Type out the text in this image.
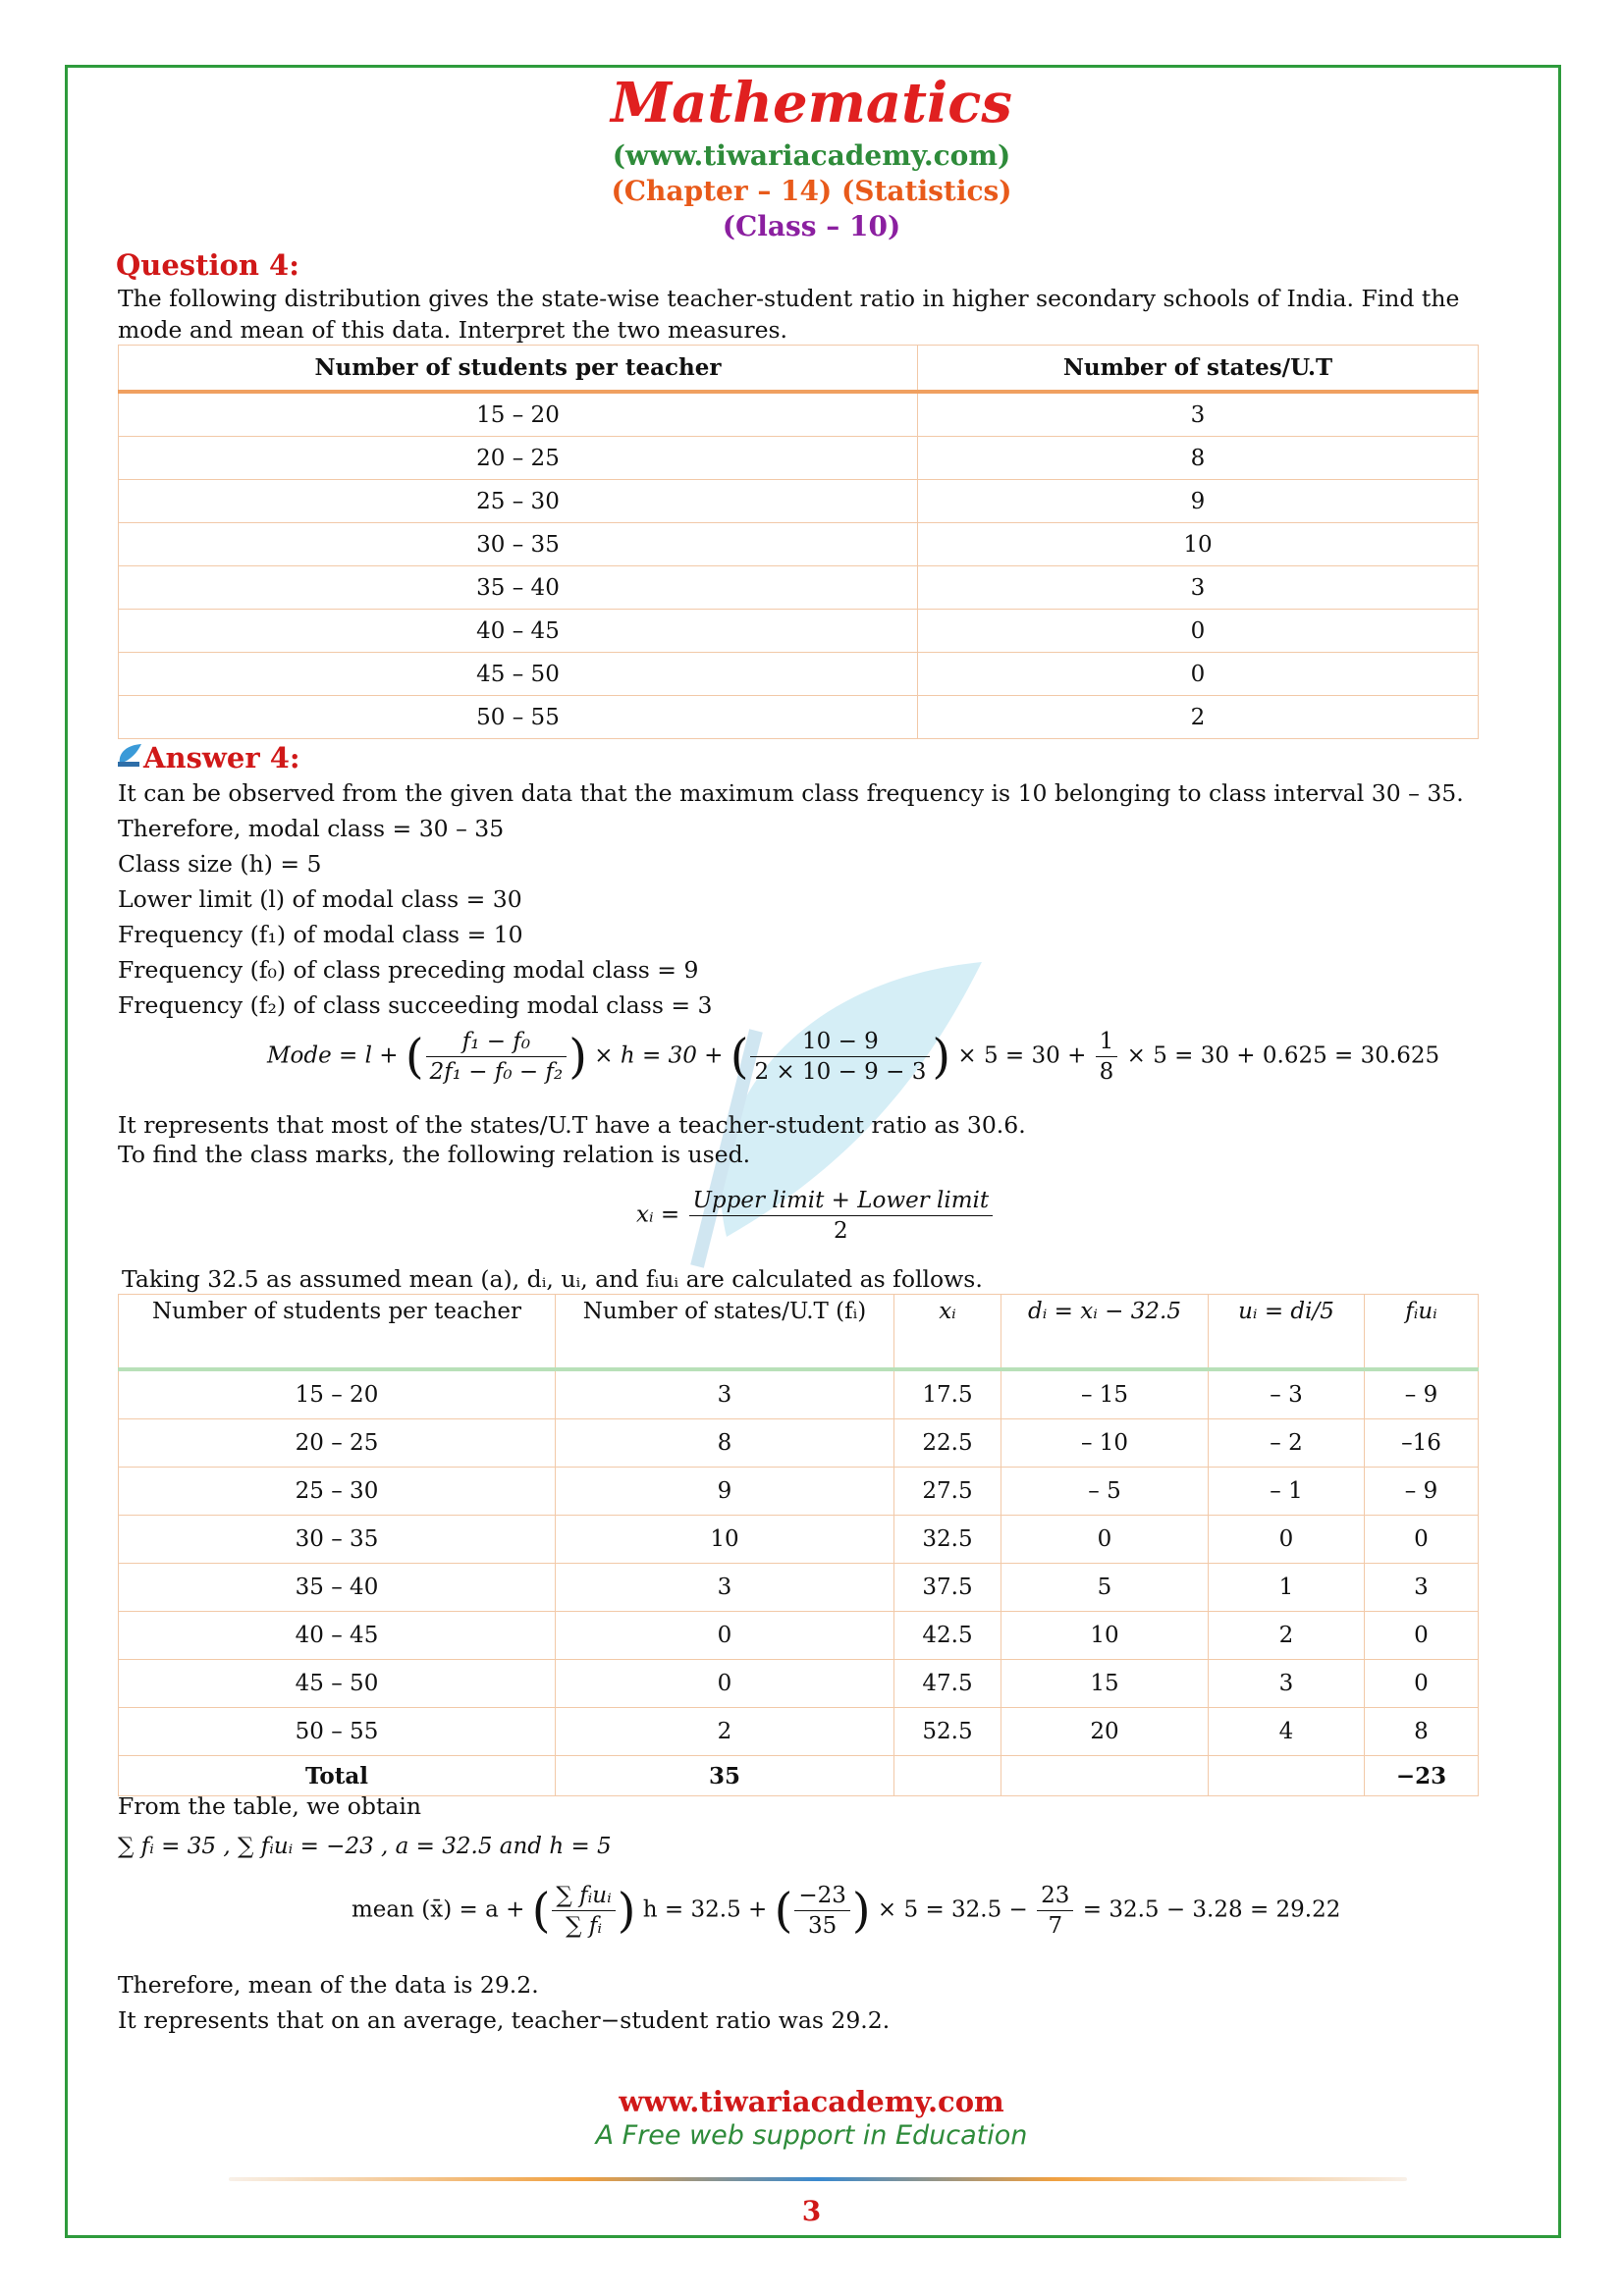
Mathematics
(www.tiwariacademy.com)
(Chapter – 14) (Statistics)
(Class – 10)
Question 4:
The following distribution gives the state-wise teacher-student ratio in higher secondary schools of India. Find the mode and mean of this data. Interpret the two measures.
Number of students per teacher	Number of states/U.T
15 – 20	3
20 – 25	8
25 – 30	9
30 – 35	10
35 – 40	3
40 – 45	0
45 – 50	0
50 – 55	2
Answer 4:
It can be observed from the given data that the maximum class frequency is 10 belonging to class interval 30 – 35.
Therefore, modal class = 30 – 35
Class size (h) = 5
Lower limit (l) of modal class = 30
Frequency (f₁) of modal class = 10
Frequency (f₀) of class preceding modal class = 9
Frequency (f₂) of class succeeding modal class = 3
Mode = l + ( $\frac{\text{f₁ − f₀}}{\text{2f₁ − f₀ − f₂}}$ ) × h = 30 + ( $\frac{10 - 9}{2 \times 10 - 9 - 3}$ ) × $5 = 30 + \frac{1}{8} \times 5 = 30 + 0.625 = 30.625$
It represents that most of the states/U.T have a teacher-student ratio as 30.6.
To find the class marks, the following relation is used.
xᵢ = $\frac{\text{Upper limit + Lower limit}}{2}$
Taking 32.5 as assumed mean (a), dᵢ, uᵢ, and fᵢuᵢ are calculated as follows.
Number of students per teacher	Number of states/U.T (fᵢ)	xᵢ	dᵢ = xᵢ − 32.5	uᵢ = di/5	fᵢuᵢ
15 – 20	3	17.5	– 15	– 3	– 9
20 – 25	8	22.5	– 10	– 2	–16
25 – 30	9	27.5	– 5	– 1	– 9
30 – 35	10	32.5	0	0	0
35 – 40	3	37.5	5	1	3
40 – 45	0	42.5	10	2	0
45 – 50	0	47.5	15	3	0
50 – 55	2	52.5	20	4	8
Total	35				−23
From the table, we obtain
∑ fᵢ = 35 , ∑ fᵢuᵢ = −23 , a = 32.5 and h = 5
mean (x̄) = a + ( $\frac{\text{∑ fᵢuᵢ}}{\text{∑ fᵢ}}$ ) h = 32.5 + ( $\frac{-23}{35}$ ) × $5 = 32.5 - \frac{23}{7} = 32.5 - 3.28 = 29.22$
Therefore, mean of the data is 29.2.
It represents that on an average, teacher−student ratio was 29.2.
www.tiwariacademy.com
A Free web support in Education
3
